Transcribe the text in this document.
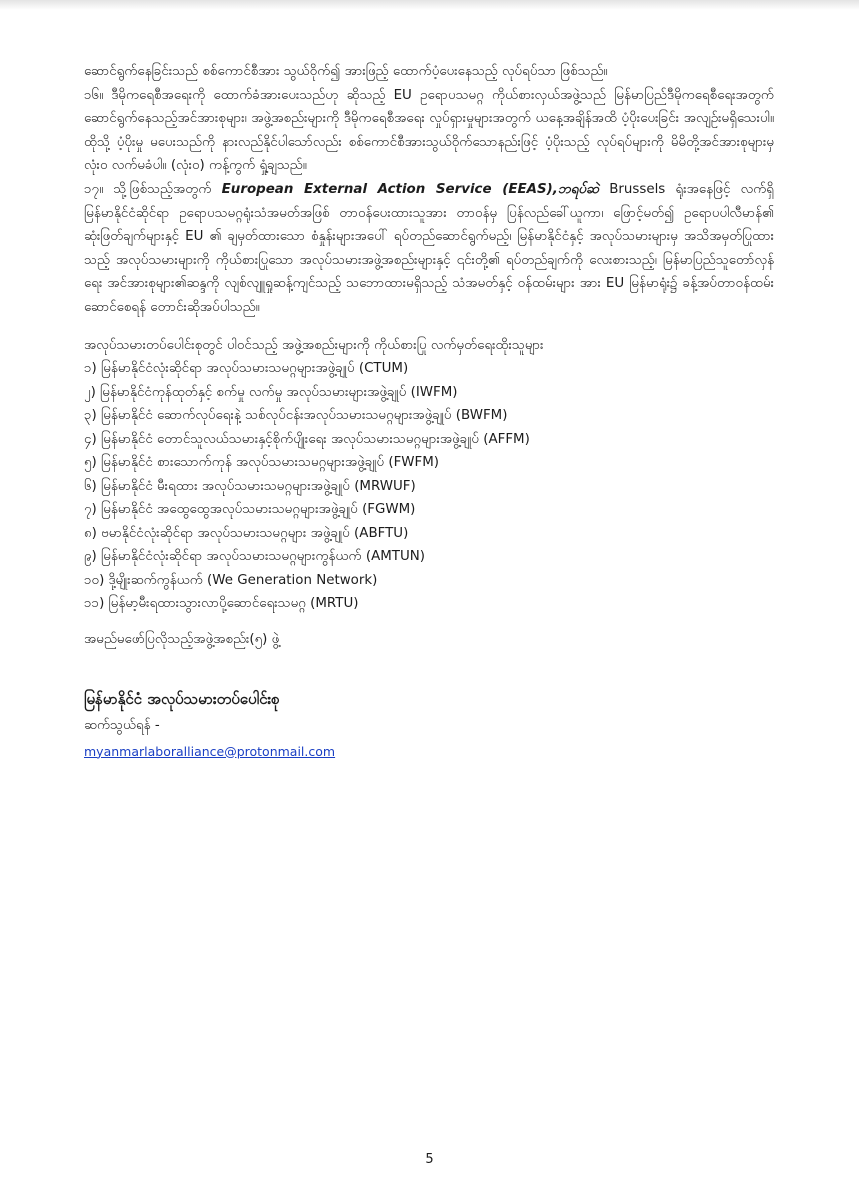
ဆောင်ရွက်နေခြင်းသည် စစ်ကောင်စီအား သွယ်ဝိုက်၍ အားဖြည့် ထောက်ပံ့ပေးနေသည့် လုပ်ရပ်သာ ဖြစ်သည်။

၁၆။ ဒီမိုကရေစီအရေးကို ထောက်ခံအားပေးသည်ဟု ဆိုသည့် EU ဥရောပသမဂ္ဂ ကိုယ်စားလှယ်အဖွဲ့သည် မြန်မာပြည်ဒီမိုကရေစီရေးအတွက် ဆောင်ရွက်နေသည့်အင်အားစုများ၊ အဖွဲ့အစည်းများကို ဒီမိုကရေစီအရေး လှုပ်ရှားမှုများအတွက် ယနေ့အချိန်အထိ ပံ့ပိုးပေးခြင်း အလျဉ်းမရှိသေးပါ။ ထိုသို့ ပံ့ပိုးမှု မပေးသည်ကို နားလည်နိုင်ပါသော်လည်း စစ်ကောင်စီအားသွယ်ဝိုက်သောနည်းဖြင့် ပံ့ပိုးသည့် လုပ်ရပ်များကို မိမိတို့အင်အားစုများမှ လုံးဝ လက်မခံပါ။ (လုံးဝ) ကန့်ကွက် ရှုံ့ချသည်။

၁၇။ သို့ဖြစ်သည့်အတွက် European External Action Service (EEAS),ဘရပ်ဆဲ Brussels ရုံးအနေဖြင့် လက်ရှိ မြန်မာနိုင်ငံဆိုင်ရာ ဥရောပသမဂ္ဂရုံးသံအမတ်အဖြစ် တာဝန်ပေးထားသူအား တာဝန်မှ ပြန်လည်ခေါ်ယူကာ၊ ဖြောင့်မတ်၍ ဥရောပပါလီမာန်၏ ဆုံးဖြတ်ချက်များနှင့် EU ၏ ချမှတ်ထားသော စံနှုန်းများအပေါ် ရပ်တည်ဆောင်ရွက်မည့်၊ မြန်မာနိုင်ငံနှင့် အလုပ်သမားများမှ အသိအမှတ်ပြုထားသည့် အလုပ်သမားများကို ကိုယ်စားပြုသော အလုပ်သမားအဖွဲ့အစည်းများနှင့် ၎င်းတို့၏ ရပ်တည်ချက်ကို လေးစားသည့်၊ မြန်မာပြည်သူတော်လှန်ရေး အင်အားစုများ၏ဆန္ဒကို လျစ်လျူရှုဆန့်ကျင်သည့် သဘောထားမရှိသည့် သံအမတ်နှင့် ဝန်ထမ်းများ အား EU မြန်မာရုံး၌ ခန့်အပ်တာဝန်ထမ်းဆောင်စေရန် တောင်းဆိုအပ်ပါသည်။

အလုပ်သမားတပ်ပေါင်းစုတွင် ပါဝင်သည့် အဖွဲ့အစည်းများကို ကိုယ်စားပြု လက်မှတ်ရေးထိုးသူများ

၁) မြန်မာနိုင်ငံလုံးဆိုင်ရာ အလုပ်သမားသမဂ္ဂများအဖွဲ့ချုပ် (CTUM)
၂) မြန်မာနိုင်ငံကုန်ထုတ်နှင့် စက်မှု လက်မှု အလုပ်သမားများအဖွဲ့ချုပ် (IWFM)
၃) မြန်မာနိုင်ငံ ဆောက်လုပ်ရေးနဲ့ သစ်လုပ်ငန်းအလုပ်သမားသမဂ္ဂများအဖွဲ့ချုပ် (BWFM)
၄) မြန်မာနိုင်ငံ တောင်သူလယ်သမားနှင့်စိုက်ပျိုးရေး အလုပ်သမားသမဂ္ဂများအဖွဲ့ချုပ် (AFFM)
၅) မြန်မာနိုင်ငံ စားသောက်ကုန် အလုပ်သမားသမဂ္ဂများအဖွဲ့ချုပ် (FWFM)
၆) မြန်မာနိုင်ငံ မီးရထား အလုပ်သမားသမဂ္ဂများအဖွဲ့ချုပ် (MRWUF)
၇) မြန်မာနိုင်ငံ အထွေထွေအလုပ်သမားသမဂ္ဂများအဖွဲ့ချုပ် (FGWM)
၈) ဗမာနိုင်ငံလုံးဆိုင်ရာ အလုပ်သမားသမဂ္ဂများ အဖွဲ့ချုပ် (ABFTU)
၉) မြန်မာနိုင်ငံလုံးဆိုင်ရာ အလုပ်သမားသမဂ္ဂများကွန်ယက် (AMTUN)
၁၀) ဒို့မျိုးဆက်ကွန်ယက် (We Generation Network)
၁၁) မြန်မာ့မီးရထားသွားလာပို့ဆောင်ရေးသမဂ္ဂ (MRTU)
အမည်မဖော်ပြလိုသည့်အဖွဲ့အစည်း(၅) ဖွဲ့
မြန်မာနိုင်ငံ အလုပ်သမားတပ်ပေါင်းစု
ဆက်သွယ်ရန် -
myanmarlaboralliance@protonmail.com
5
